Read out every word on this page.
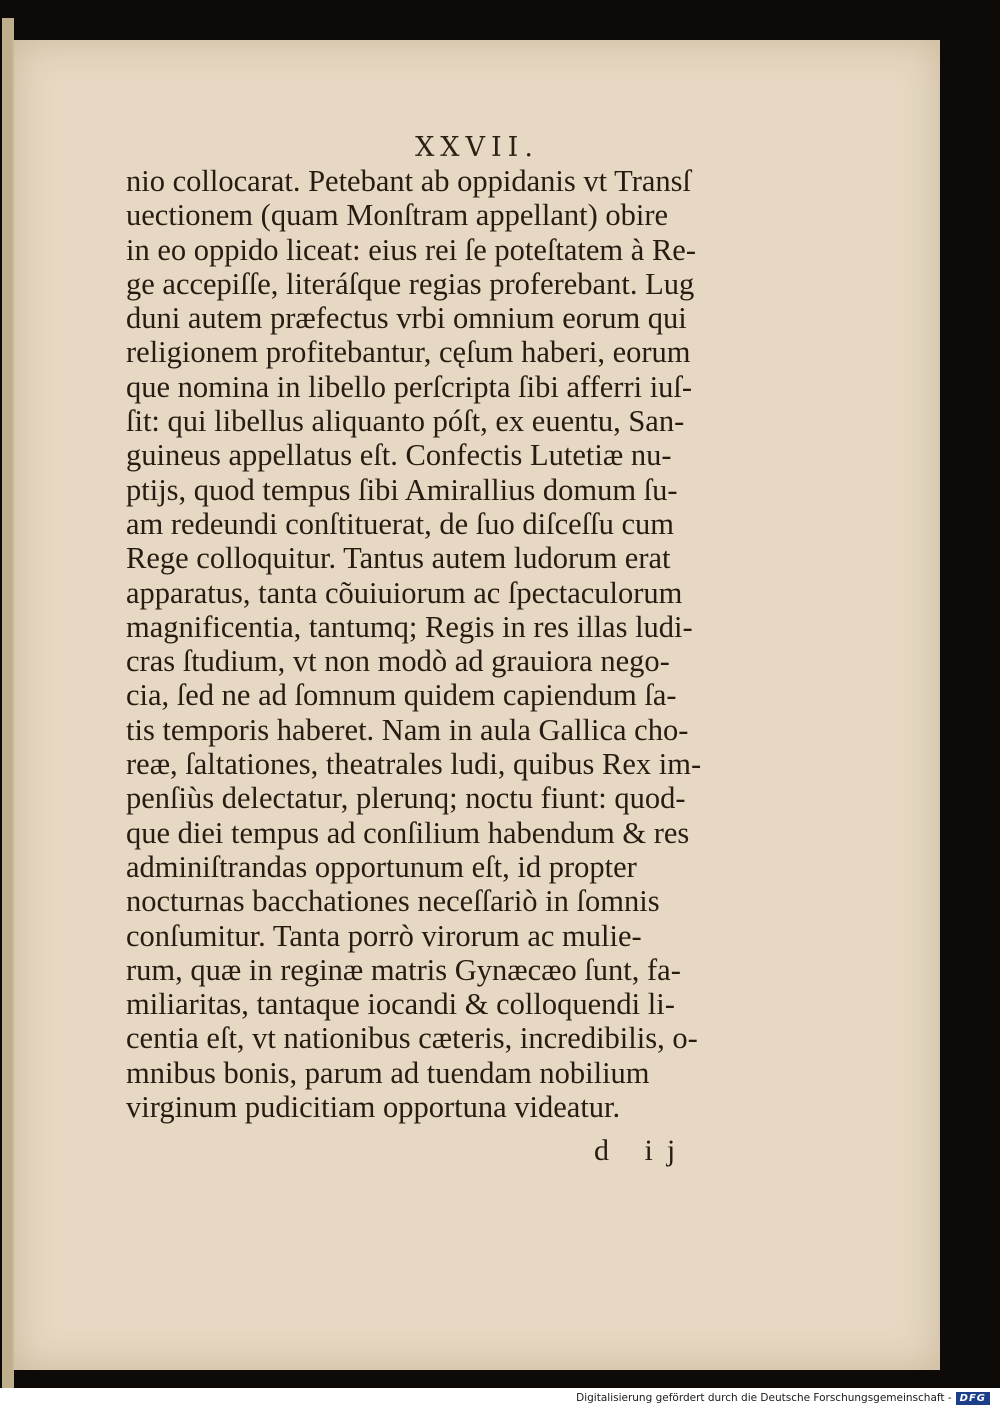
XXVII.
nio collocarat. Petebant ab oppidanis vt Transſ
uectionem (quam Monſtram appellant) obire
in eo oppido liceat: eius rei ſe poteſtatem à Re-
ge accepiſſe, literáſque regias proferebant. Lug
duni autem præfectus vrbi omnium eorum qui
religionem profitebantur, cęſum haberi, eorum
que nomina in libello perſcripta ſibi afferri iuſ-
ſit: qui libellus aliquanto póſt, ex euentu, San-
guineus appellatus eſt. Confectis Lutetiæ nu-
ptijs, quod tempus ſibi Amirallius domum ſu-
am redeundi conſtituerat, de ſuo diſceſſu cum
Rege colloquitur. Tantus autem ludorum erat
apparatus, tanta cõuiuiorum ac ſpectaculorum
magnificentia, tantumq; Regis in res illas ludi-
cras ſtudium, vt non modò ad grauiora nego-
cia, ſed ne ad ſomnum quidem capiendum ſa-
tis temporis haberet. Nam in aula Gallica cho-
reæ, ſaltationes, theatrales ludi, quibus Rex im-
penſiùs delectatur, plerunq; noctu fiunt: quod-
que diei tempus ad conſilium habendum & res
adminiſtrandas opportunum eſt, id propter
nocturnas bacchationes neceſſariò in ſomnis
conſumitur. Tanta porrò virorum ac mulie-
rum, quæ in reginæ matris Gynæcæo ſunt, fa-
miliaritas, tantaque iocandi & colloquendi li-
centia eſt, vt nationibus cæteris, incredibilis, o-
mnibus bonis, parum ad tuendam nobilium
virginum pudicitiam opportuna videatur.
d ij
Digitalisierung gefördert durch die Deutsche Forschungsgemeinschaft - DFG
